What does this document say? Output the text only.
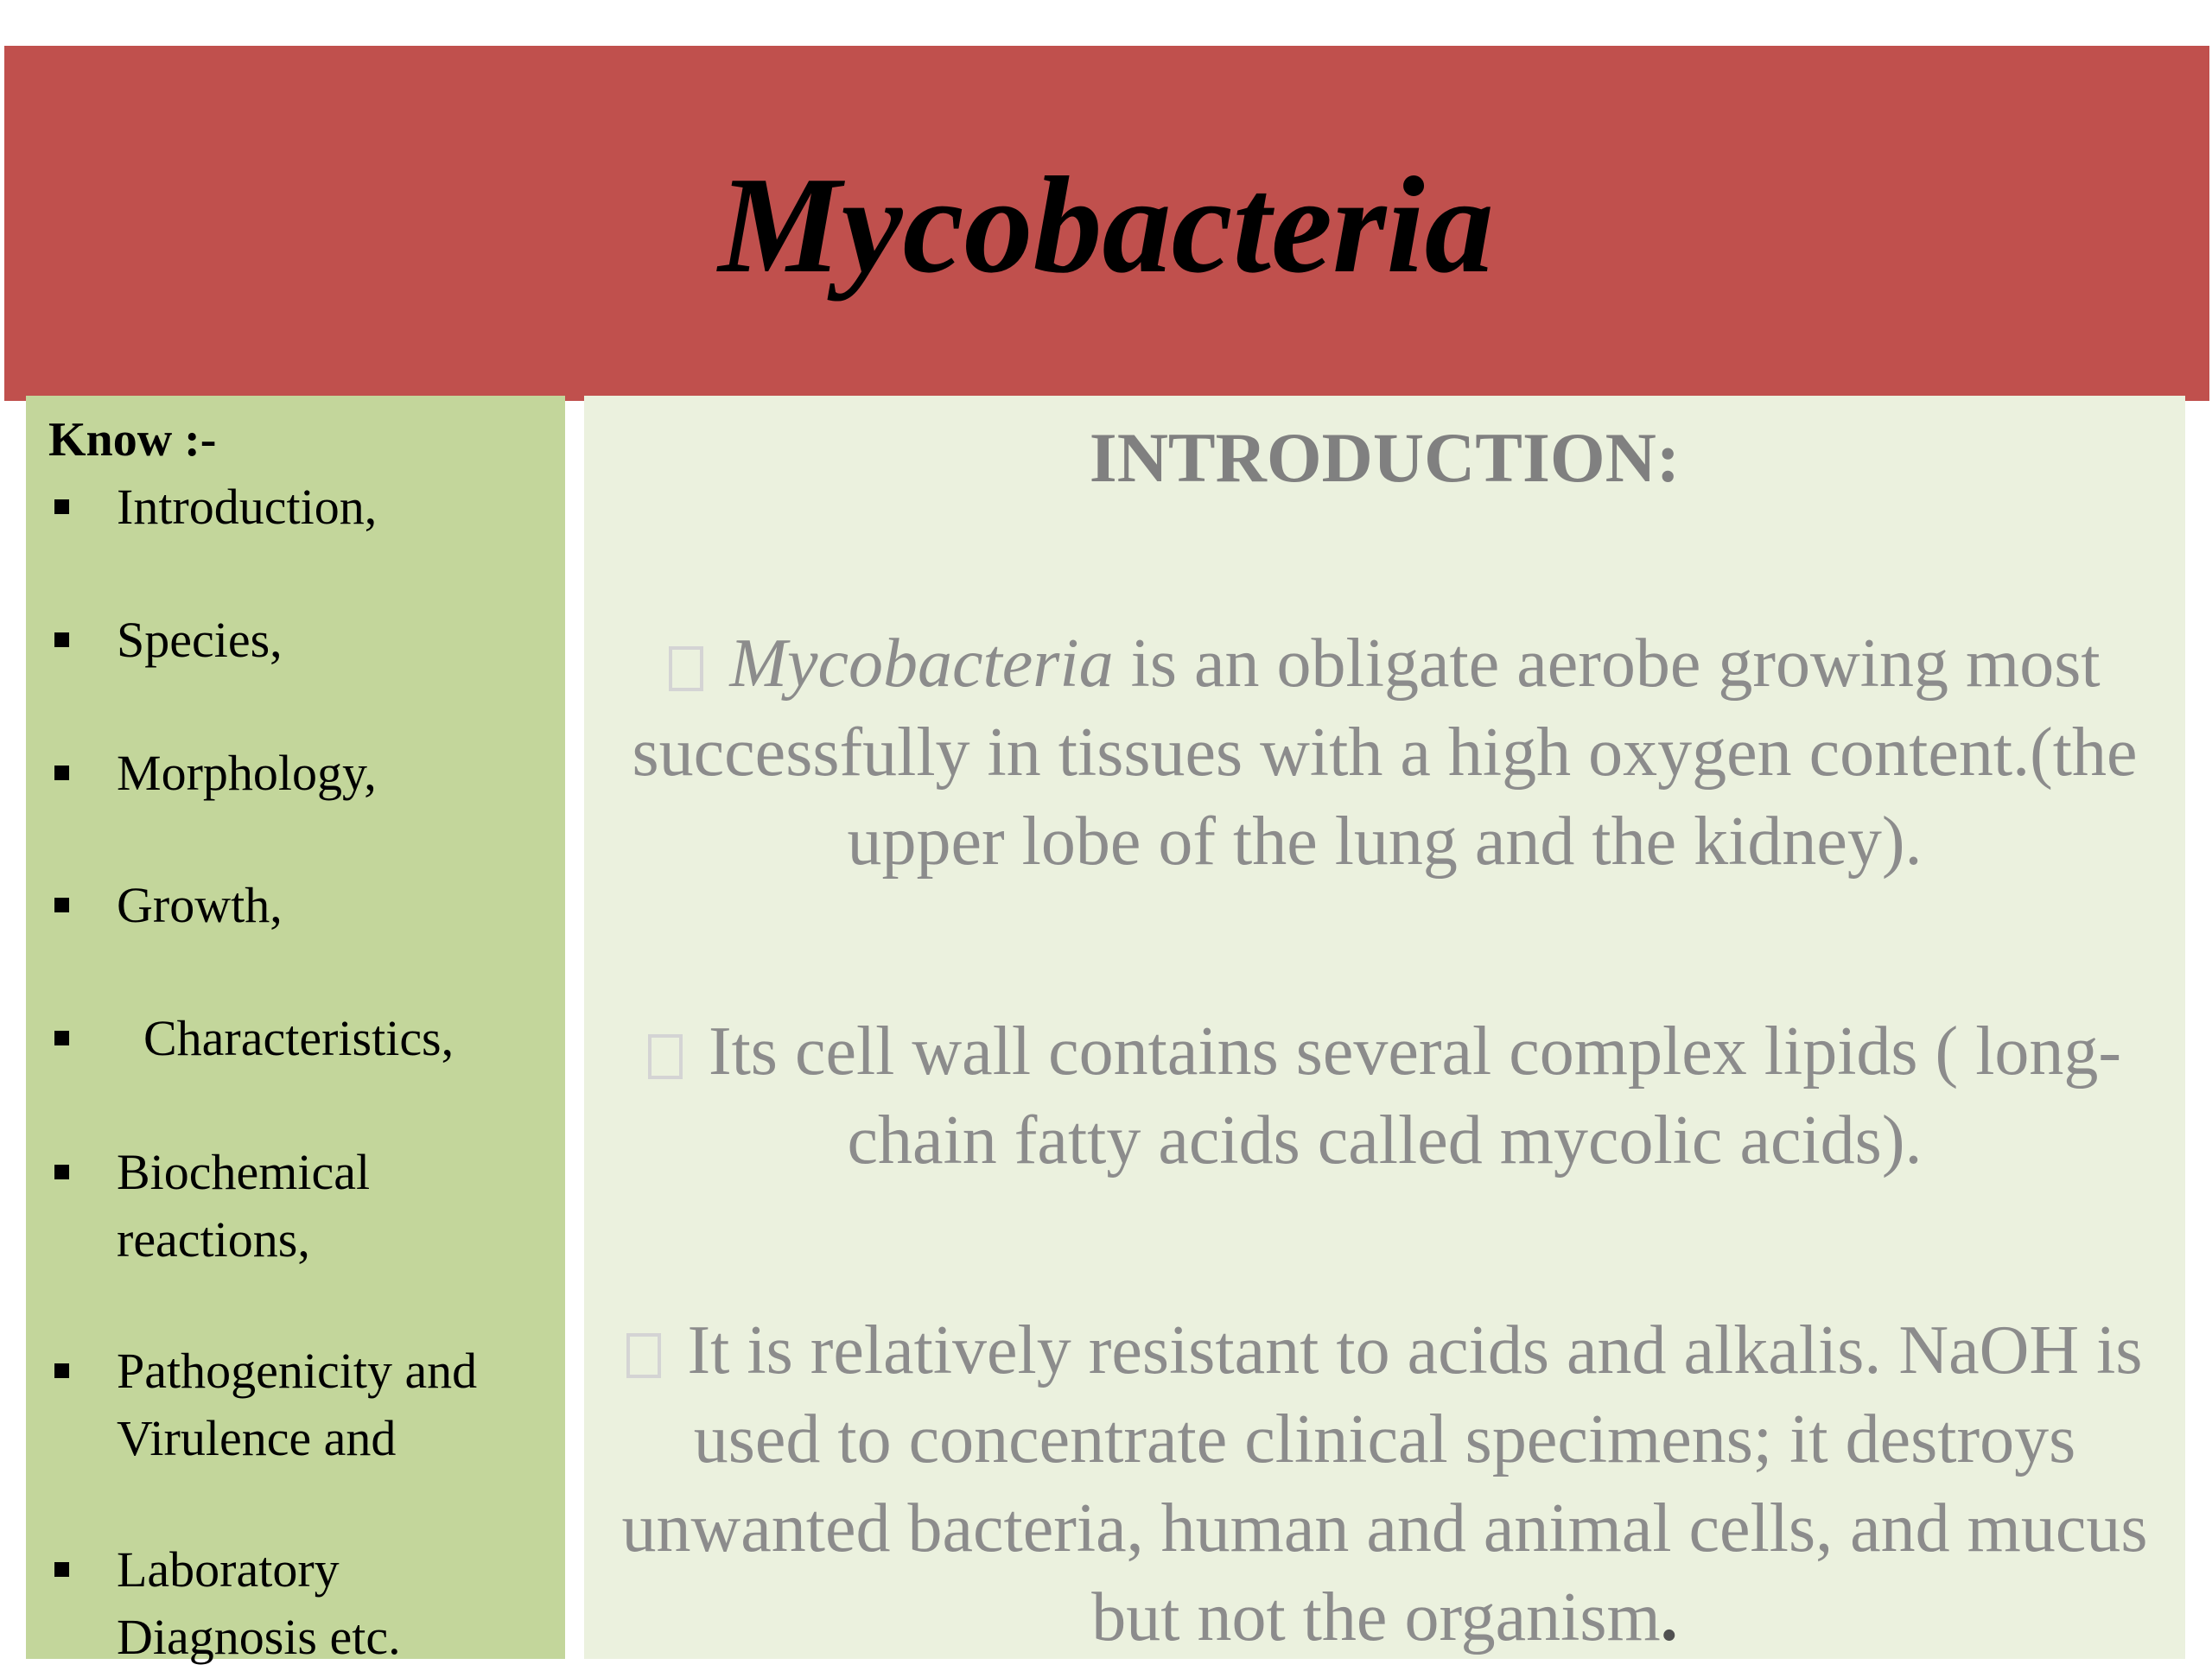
Mycobacteria
Know :-
Introduction,
Species,
Morphology,
Growth,
Characteristics,
Biochemical reactions,
Pathogenicity and Virulence and
Laboratory Diagnosis etc.
INTRODUCTION:

Mycobacteria is an obligate aerobe growing most successfully in tissues with a high oxygen content.(the upper lobe of the lung and the kidney).

Its cell wall contains several complex lipids ( long-chain fatty acids called mycolic acids).

It is relatively resistant to acids and alkalis. NaOH is used to concentrate clinical specimens; it destroys unwanted bacteria, human and animal cells, and mucus but not the organism.
